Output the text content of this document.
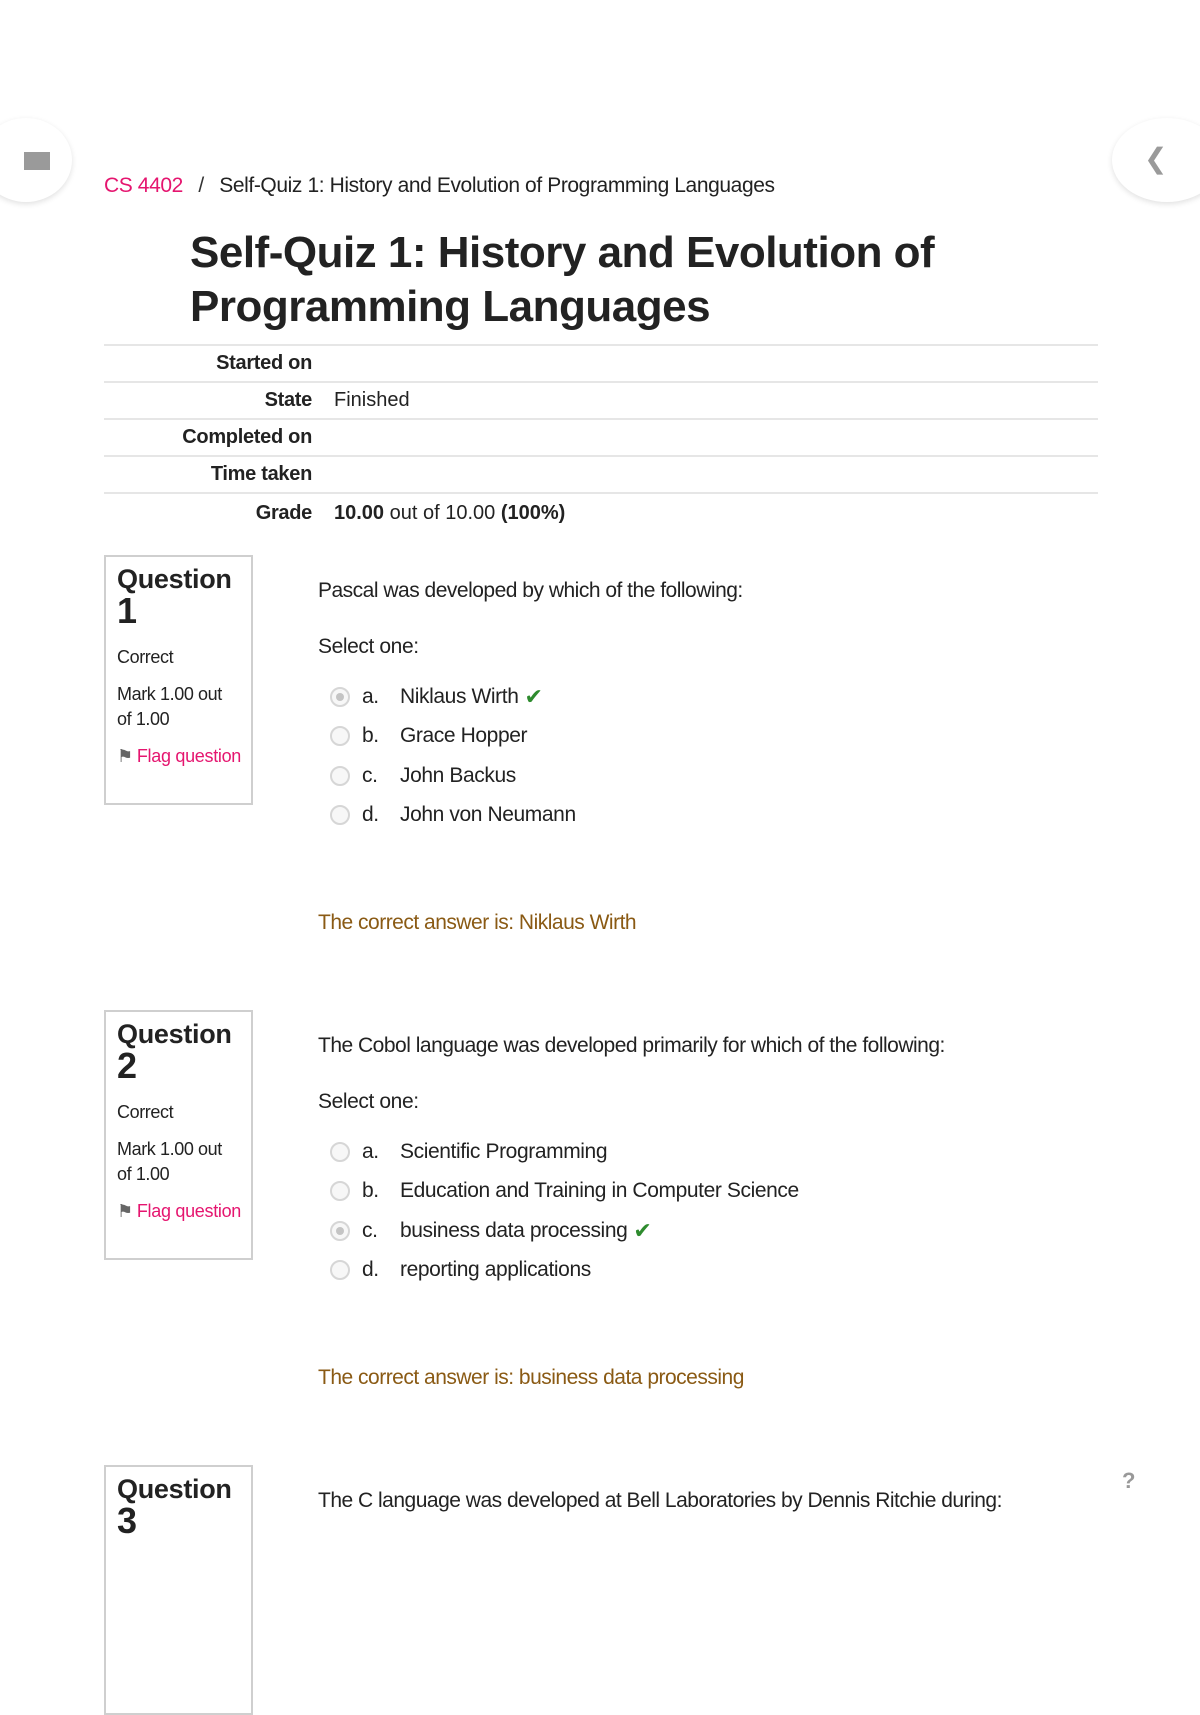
❮
CS 4402 / Self-Quiz 1: History and Evolution of Programming Languages
Self-Quiz 1: History and Evolution of Programming Languages
Started on	
State	Finished
Completed on	
Time taken	
Grade	10.00 out of 10.00 (100%)
Question
1
Correct
Mark 1.00 out of 1.00
⚑ Flag question
Pascal was developed by which of the following:
Select one:
a.	Niklaus Wirth ✔
b.	Grace Hopper
c.	John Backus
d.	John von Neumann
The correct answer is: Niklaus Wirth
Question
2
Correct
Mark 1.00 out of 1.00
⚑ Flag question
The Cobol language was developed primarily for which of the following:
Select one:
a.	Scientific Programming
b.	Education and Training in Computer Science
c.	business data processing ✔
d.	reporting applications
The correct answer is: business data processing
Question
3	The C language was developed at Bell Laboratories by Dennis Ritchie during:
?
